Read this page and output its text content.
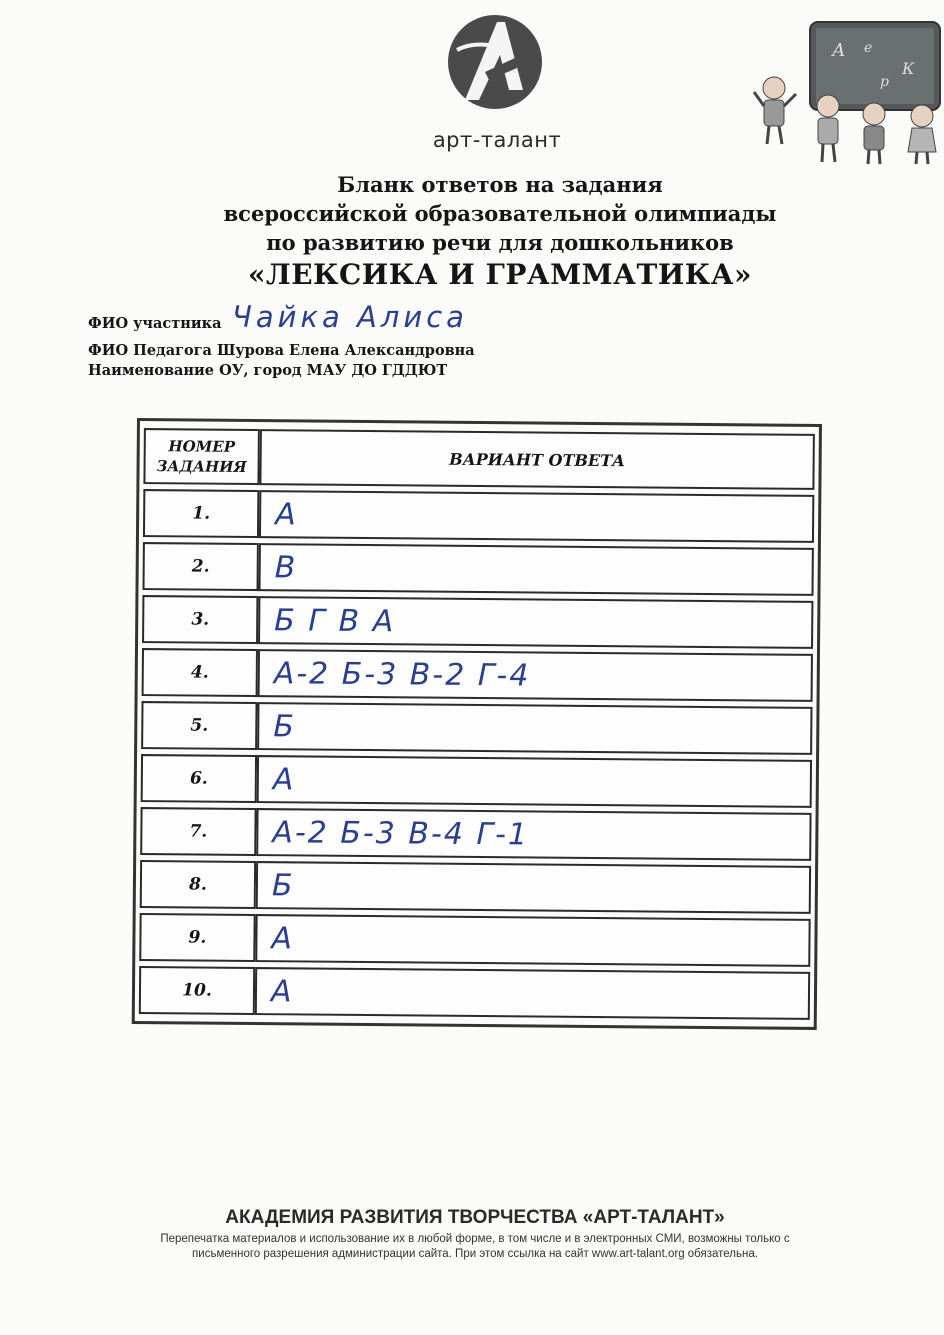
арт-талант
А e
К
р
Бланк ответов на задания
всероссийской образовательной олимпиады
по развитию речи для дошкольников
«ЛЕКСИКА И ГРАММАТИКА»
ФИО участника Чайка Алиса
ФИО Педагога Шурова Елена Александровна
Наименование ОУ, город МАУ ДО ГДДЮТ
НОМЕР ЗАДАНИЯ	ВАРИАНТ ОТВЕТА
1.	А
2.	В
3.	Б Г В А
4.	А-2 Б-3 В-2 Г-4
5.	Б
6.	А
7.	А-2 Б-3 В-4 Г-1
8.	Б
9.	А
10.	А
АКАДЕМИЯ РАЗВИТИЯ ТВОРЧЕСТВА «АРТ-ТАЛАНТ»
Перепечатка материалов и использование их в любой форме, в том числе и в электронных СМИ, возможны только с
письменного разрешения администрации сайта. При этом ссылка на сайт www.art-talant.org обязательна.
